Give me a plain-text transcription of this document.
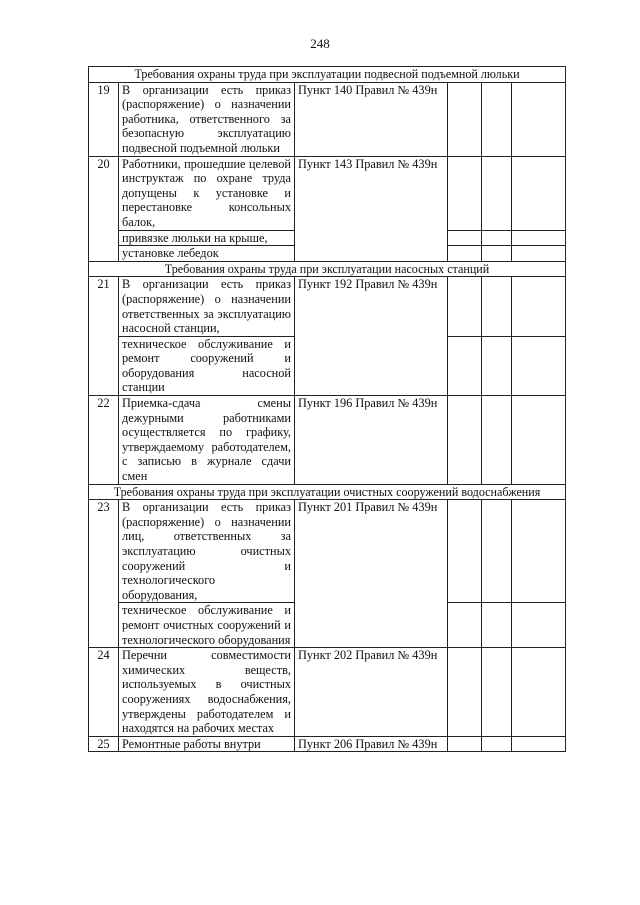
248
Требования охраны труда при эксплуатации подвесной подъемной люльки					
19	В организации есть приказ (распоряжение) о назначении работника, ответственного за безопасную эксплуатацию подвесной подъемной люльки	Пункт 140 Правил № 439н			
20	Работники, прошедшие целевой инструктаж по охране труда допущены к установке и перестановке консольных балок,	Пункт 143 Правил № 439н			
	привязке люльки на крыше,				
	установке лебедок				
Требования охраны труда при эксплуатации насосных станций					
21	В организации есть приказ (распоряжение) о назначении ответственных за эксплуатацию насосной станции,	Пункт 192 Правил № 439н			
	техническое обслуживание и ремонт сооружений и оборудования насосной станции				
22	Приемка-сдача смены дежурными работниками осуществляется по графику, утверждаемому работодателем, с записью в журнале сдачи смен	Пункт 196 Правил № 439н			
Требования охраны труда при эксплуатации очистных сооружений водоснабжения					
23	В организации есть приказ (распоряжение) о назначении лиц, ответственных за эксплуатацию очистных сооружений и технологического оборудования,	Пункт 201 Правил № 439н			
	техническое обслуживание и ремонт очистных сооружений и технологического оборудования				
24	Перечни совместимости химических веществ, используемых в очистных сооружениях водоснабжения, утверждены работодателем и находятся на рабочих местах	Пункт 202 Правил № 439н			
25	Ремонтные работы внутри	Пункт 206 Правил № 439н			
